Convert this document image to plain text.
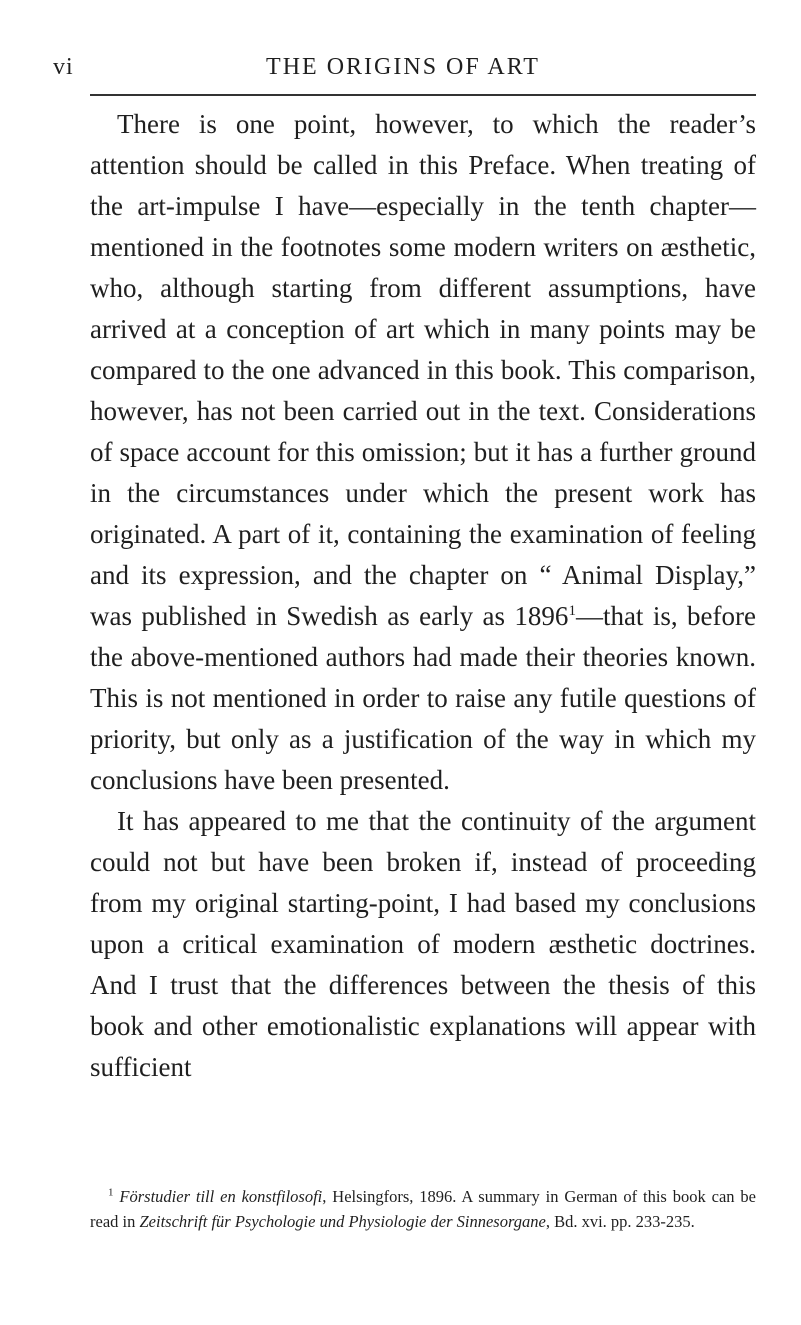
vi	THE ORIGINS OF ART

There is one point, however, to which the reader’s attention should be called in this Preface. When treating of the art-impulse I have—especially in the tenth chapter—mentioned in the footnotes some modern writers on æsthetic, who, although starting from different assumptions, have arrived at a conception of art which in many points may be compared to the one advanced in this book. This comparison, however, has not been carried out in the text. Considerations of space account for this omission; but it has a further ground in the circumstances under which the present work has originated. A part of it, containing the examination of feeling and its expression, and the chapter on “ Animal Display,” was published in Swedish as early as 1896$^1$—that is, before the above-mentioned authors had made their theories known. This is not mentioned in order to raise any futile questions of priority, but only as a justification of the way in which my conclusions have been presented.

It has appeared to me that the continuity of the argument could not but have been broken if, instead of proceeding from my original starting-point, I had based my conclusions upon a critical examination of modern æsthetic doctrines. And I trust that the differences between the thesis of this book and other emotionalistic explanations will appear with sufficient

$^1$ Förstudier till en konstfilosofi, Helsingfors, 1896. A summary in German of this book can be read in Zeitschrift für Psychologie und Physiologie der Sinnesorgane, Bd. xvi. pp. 233-235.
